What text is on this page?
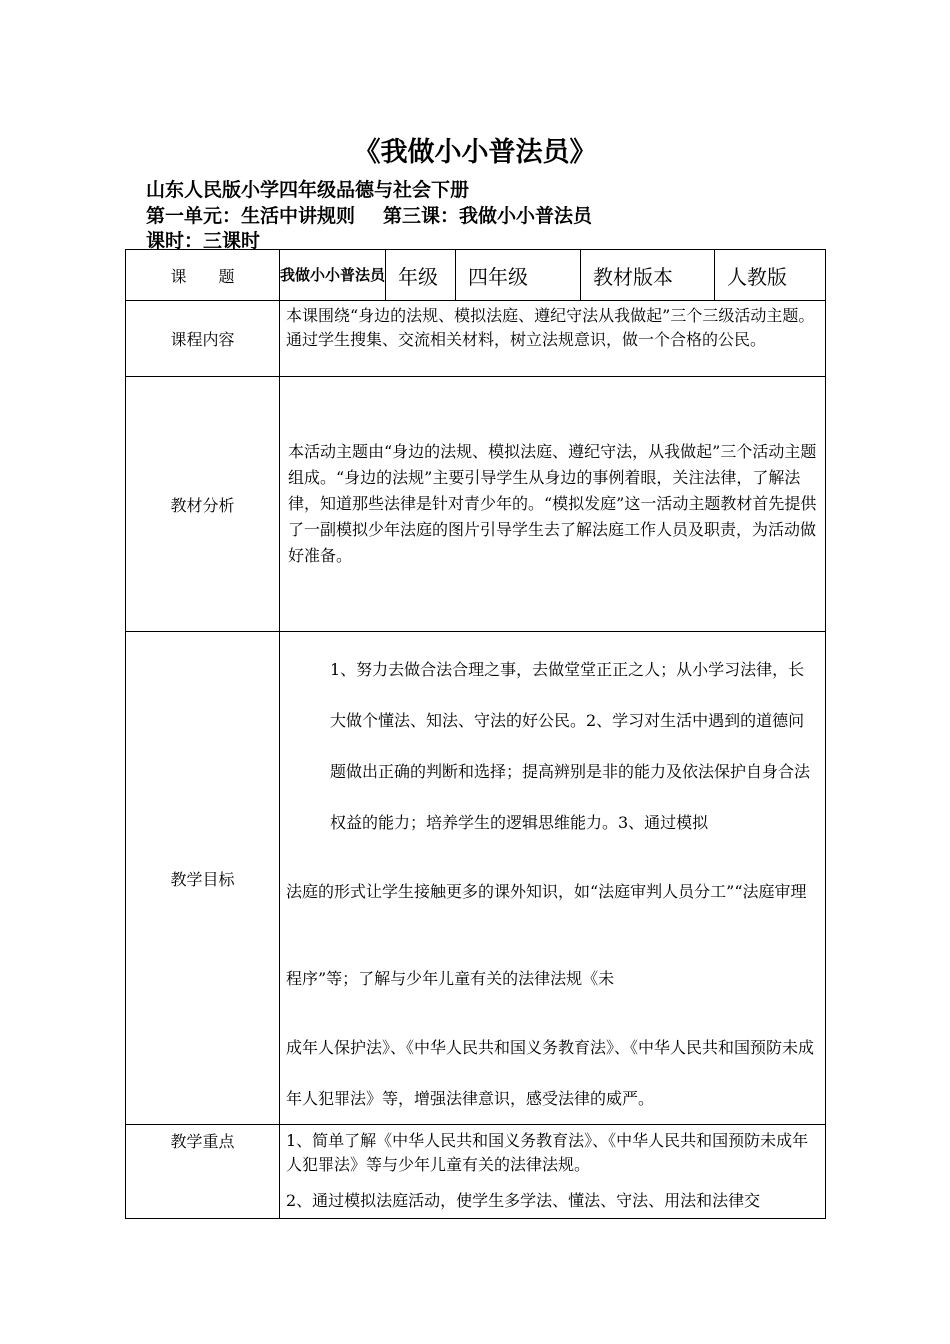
《我做小小普法员》
山东人民版小学四年级品德与社会下册
第一单元：生活中讲规则 第三课：我做小小普法员
课时：三课时
课　　题	我做小小普法员	年级	四年级	教材版本	人教版
课程内容	本课围绕“身边的法规、模拟法庭、遵纪守法从我做起”三个三级活动主题。通过学生搜集、交流相关材料，树立法规意识，做一个合格的公民。				
教材分析	本活动主题由“身边的法规、模拟法庭、遵纪守法，从我做起”三个活动主题组成。“身边的法规”主要引导学生从身边的事例着眼，关注法律，了解法律，知道那些法律是针对青少年的。“模拟发庭”这一活动主题教材首先提供了一副模拟少年法庭的图片引导学生去了解法庭工作人员及职责，为活动做好准备。				
教学目标	1、努力去做合法合理之事，去做堂堂正正之人；从小学习法律，长大做个懂法、知法、守法的好公民。2、学习对生活中遇到的道德问题做出正确的判断和选择；提高辨别是非的能力及依法保护自身合法权益的能力；培养学生的逻辑思维能力。3、通过模拟

法庭的形式让学生接触更多的课外知识，如“法庭审判人员分工”“法庭审理程序”等；了解与少年儿童有关的法律法规《未

成年人保护法》、《中华人民共和国义务教育法》、《中华人民共和国预防未成年人犯罪法》等，增强法律意识，感受法律的威严。				

教学重点	1、简单了解《中华人民共和国义务教育法》、《中华人民共和国预防未成年人犯罪法》等与少年儿童有关的法律法规。

2、通过模拟法庭活动，使学生多学法、懂法、守法、用法和法律交				
